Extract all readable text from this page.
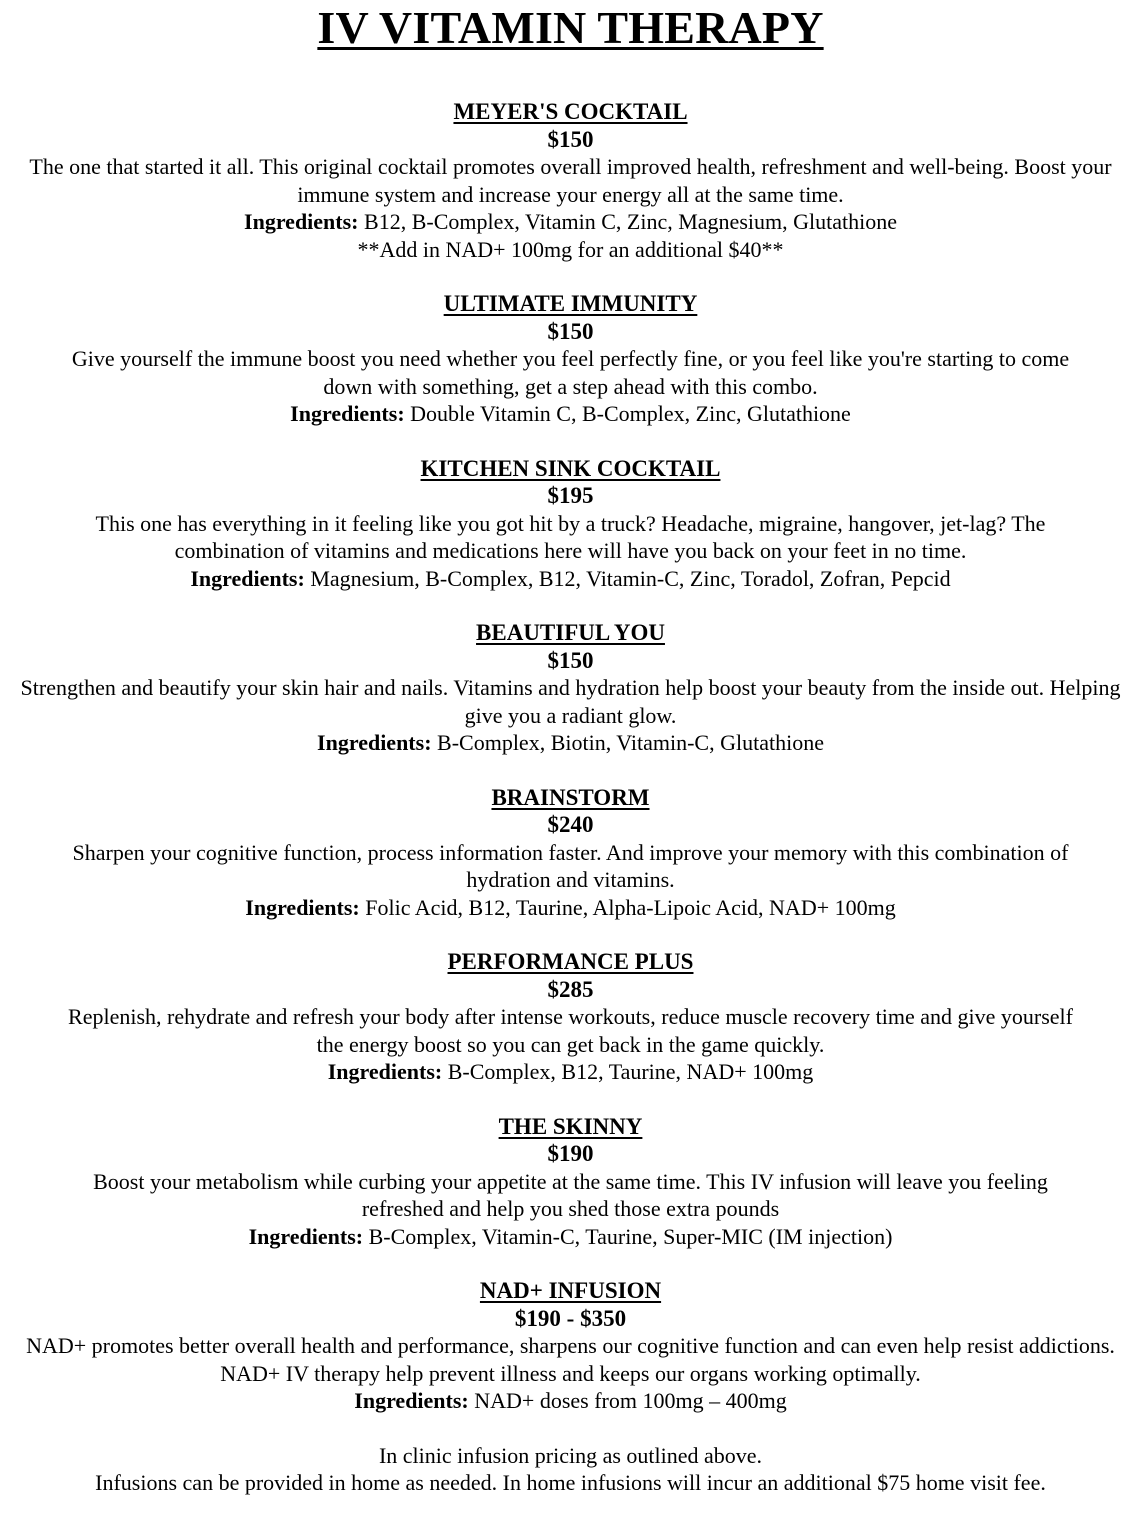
IV VITAMIN THERAPY
MEYER'S COCKTAIL
$150
The one that started it all. This original cocktail promotes overall improved health, refreshment and well-being. Boost your immune system and increase your energy all at the same time.
Ingredients: B12, B-Complex, Vitamin C, Zinc, Magnesium, Glutathione
**Add in NAD+ 100mg for an additional $40**
ULTIMATE IMMUNITY
$150
Give yourself the immune boost you need whether you feel perfectly fine, or you feel like you're starting to come down with something, get a step ahead with this combo.
Ingredients: Double Vitamin C, B-Complex, Zinc, Glutathione
KITCHEN SINK COCKTAIL
$195
This one has everything in it feeling like you got hit by a truck? Headache, migraine, hangover, jet-lag? The combination of vitamins and medications here will have you back on your feet in no time.
Ingredients: Magnesium, B-Complex, B12, Vitamin-C, Zinc, Toradol, Zofran, Pepcid
BEAUTIFUL YOU
$150
Strengthen and beautify your skin hair and nails. Vitamins and hydration help boost your beauty from the inside out. Helping give you a radiant glow.
Ingredients: B-Complex, Biotin, Vitamin-C, Glutathione
BRAINSTORM
$240
Sharpen your cognitive function, process information faster. And improve your memory with this combination of hydration and vitamins.
Ingredients: Folic Acid, B12, Taurine, Alpha-Lipoic Acid, NAD+ 100mg
PERFORMANCE PLUS
$285
Replenish, rehydrate and refresh your body after intense workouts, reduce muscle recovery time and give yourself the energy boost so you can get back in the game quickly.
Ingredients: B-Complex, B12, Taurine, NAD+ 100mg
THE SKINNY
$190
Boost your metabolism while curbing your appetite at the same time. This IV infusion will leave you feeling refreshed and help you shed those extra pounds
Ingredients: B-Complex, Vitamin-C, Taurine, Super-MIC (IM injection)
NAD+ INFUSION
$190 - $350
NAD+ promotes better overall health and performance, sharpens our cognitive function and can even help resist addictions. NAD+ IV therapy help prevent illness and keeps our organs working optimally.
Ingredients: NAD+ doses from 100mg – 400mg
In clinic infusion pricing as outlined above.
Infusions can be provided in home as needed. In home infusions will incur an additional $75 home visit fee.
